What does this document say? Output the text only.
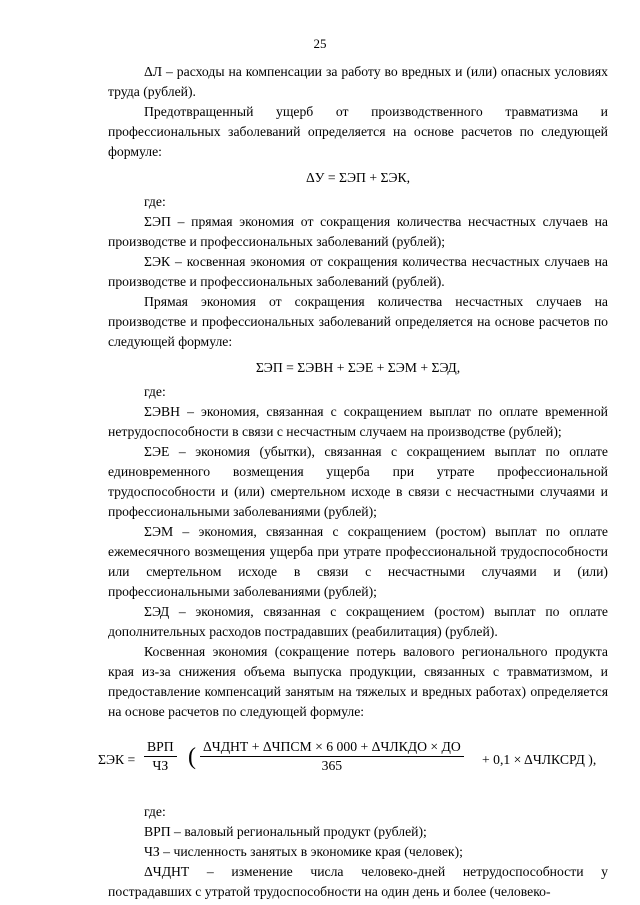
25

ΔЛ – расходы на компенсации за работу во вредных и (или) опасных условиях труда (рублей).

Предотвращенный ущерб от производственного травматизма и профессиональных заболеваний определяется на основе расчетов по следующей формуле:

ΔУ = ΣЭП + ΣЭК,

где:

ΣЭП – прямая экономия от сокращения количества несчастных случаев на производстве и профессиональных заболеваний (рублей);

ΣЭК – косвенная экономия от сокращения количества несчастных случаев на производстве и профессиональных заболеваний (рублей).

Прямая экономия от сокращения количества несчастных случаев на производстве и профессиональных заболеваний определяется на основе расчетов по следующей формуле:

ΣЭП = ΣЭВН + ΣЭЕ + ΣЭМ + ΣЭД,

где:

ΣЭВН – экономия, связанная с сокращением выплат по оплате временной нетрудоспособности в связи с несчастным случаем на производстве (рублей);

ΣЭЕ – экономия (убытки), связанная с сокращением выплат по оплате единовременного возмещения ущерба при утрате профессиональной трудоспособности и (или) смертельном исходе в связи с несчастными случаями и профессиональными заболеваниями (рублей);

ΣЭМ – экономия, связанная с сокращением (ростом) выплат по оплате ежемесячного возмещения ущерба при утрате профессиональной трудоспособности или смертельном исходе в связи с несчастными случаями и (или) профессиональными заболеваниями (рублей);

ΣЭД – экономия, связанная с сокращением (ростом) выплат по оплате дополнительных расходов пострадавших (реабилитация) (рублей).

Косвенная экономия (сокращение потерь валового регионального продукта края из-за снижения объема выпуска продукции, связанных с травматизмом, и предоставление компенсаций занятым на тяжелых и вредных работах) определяется на основе расчетов по следующей формуле:

ΣЭК =
ВРП
ЧЗ ( ΔЧДНТ + ΔЧПСМ × 6 000 + ΔЧЛКДО × ДО
365	+ 0,1 × ΔЧЛКСРД ),

где:

ВРП – валовый региональный продукт (рублей);

ЧЗ – численность занятых в экономике края (человек);

ΔЧДНТ – изменение числа человеко-дней нетрудоспособности у пострадавших с утратой трудоспособности на один день и более (человеко-
